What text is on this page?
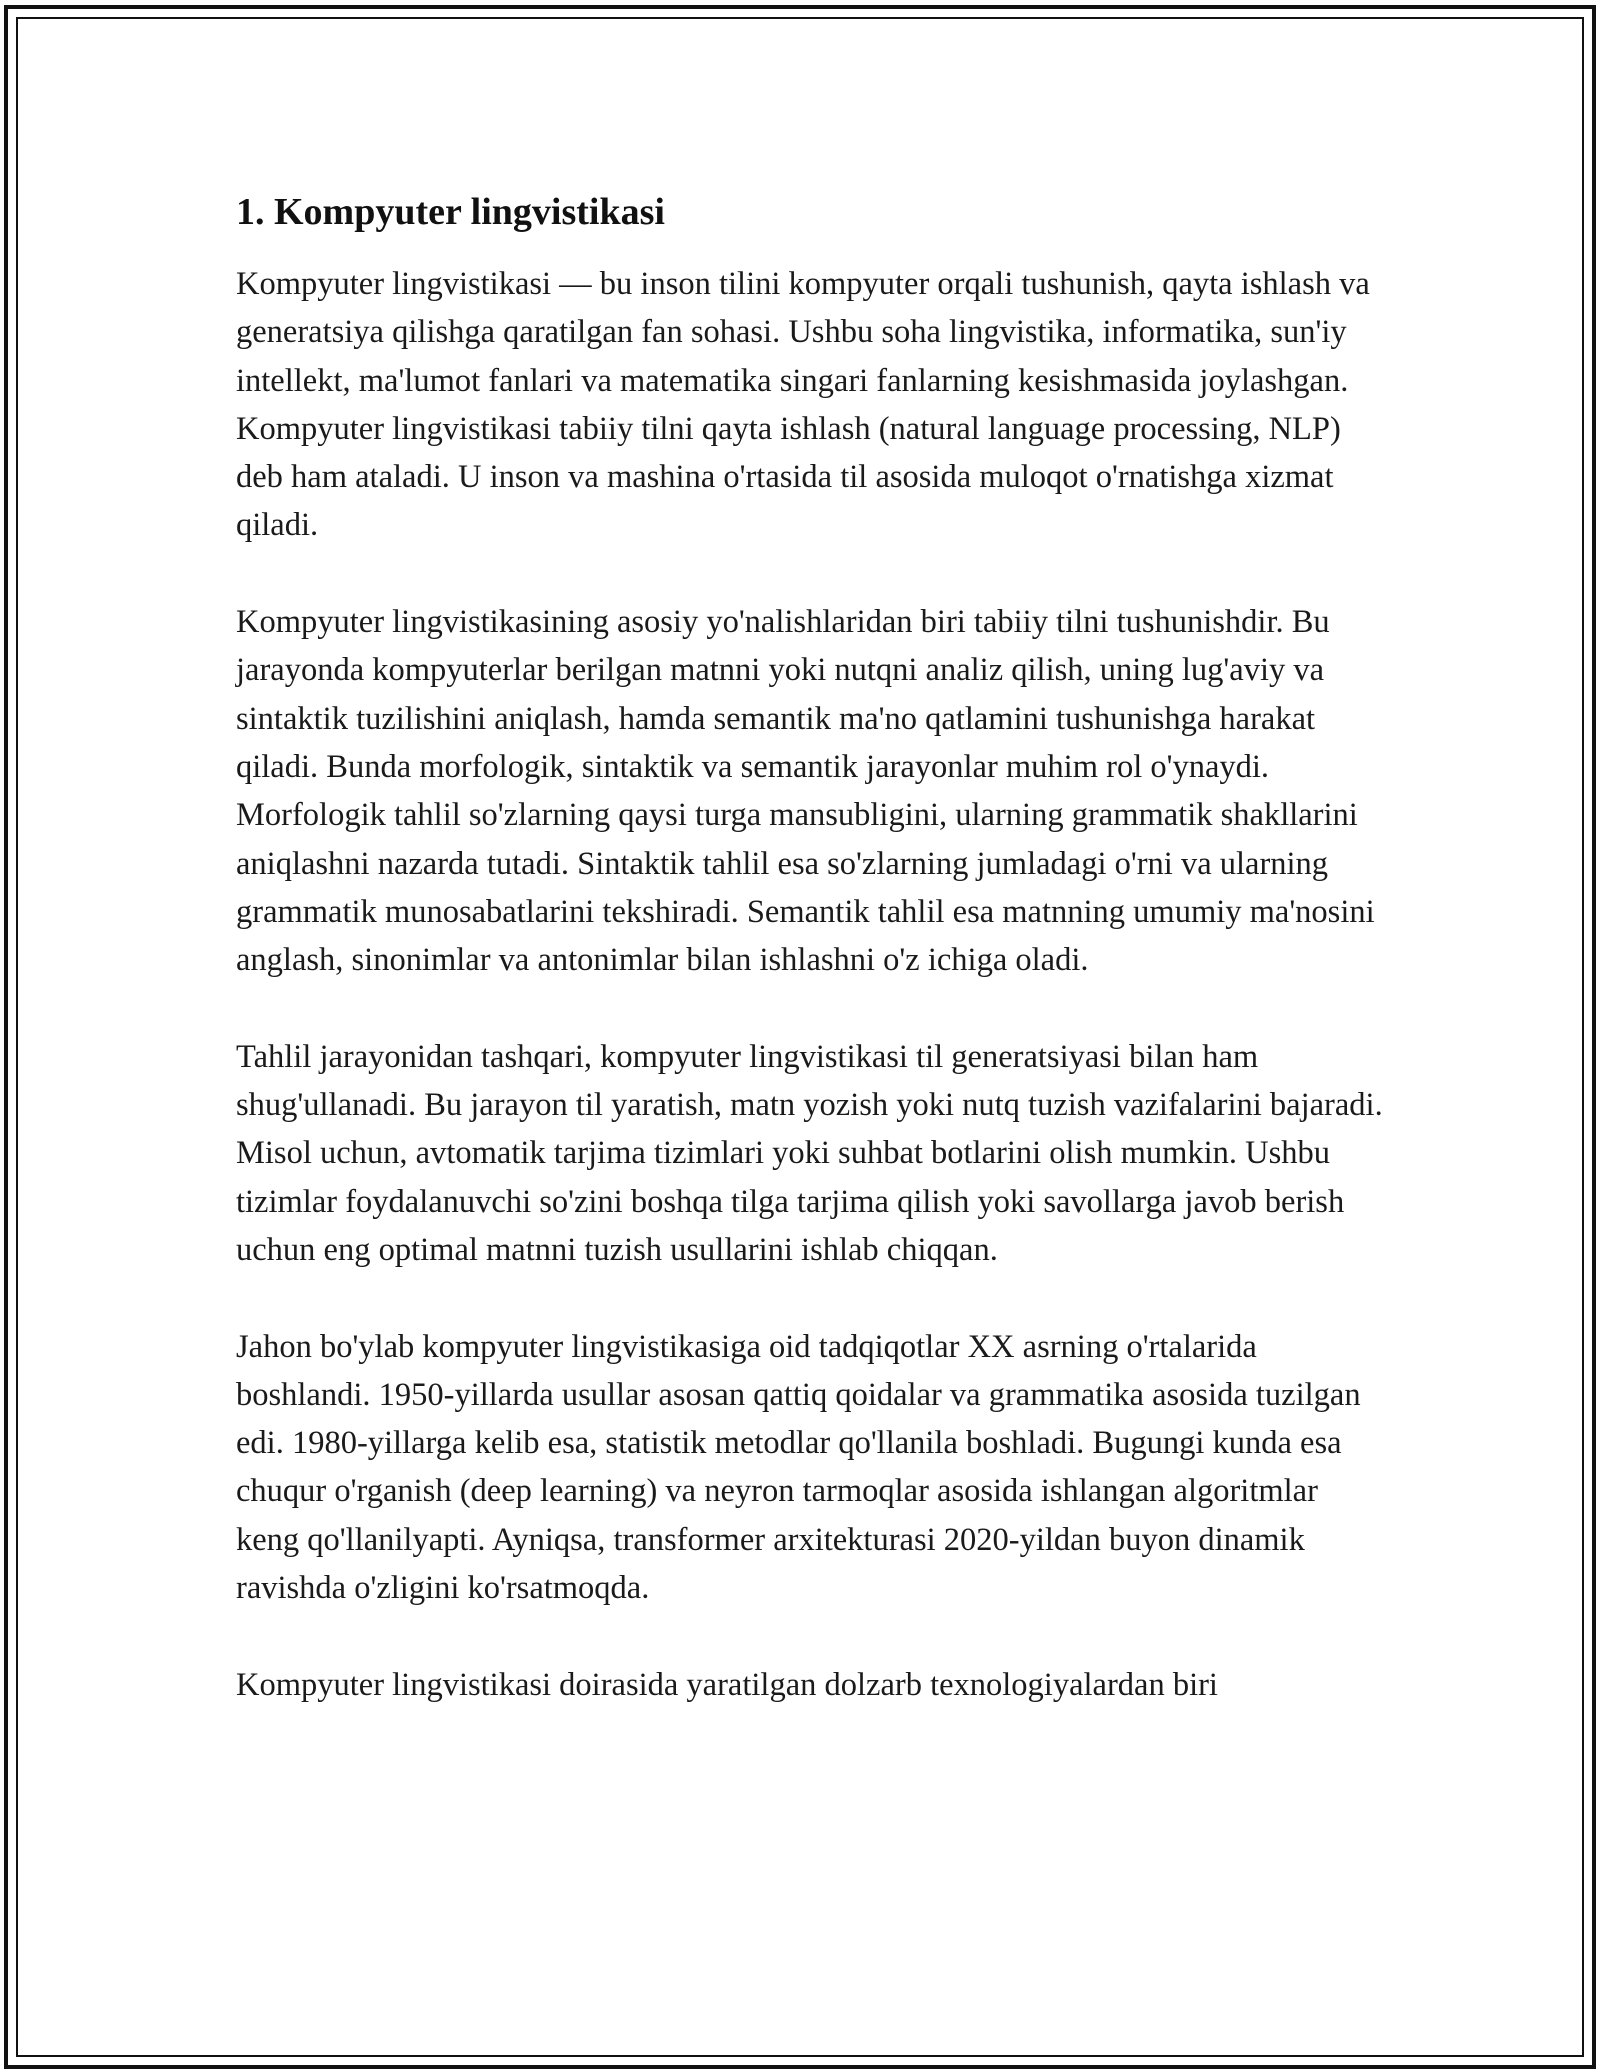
1. Kompyuter lingvistikasi

Kompyuter lingvistikasi — bu inson tilini kompyuter orqali tushunish, qayta ishlash va generatsiya qilishga qaratilgan fan sohasi. Ushbu soha lingvistika, informatika, sun'iy intellekt, ma'lumot fanlari va matematika singari fanlarning kesishmasida joylashgan. Kompyuter lingvistikasi tabiiy tilni qayta ishlash (natural language processing, NLP) deb ham ataladi. U inson va mashina o'rtasida til asosida muloqot o'rnatishga xizmat qiladi.

Kompyuter lingvistikasining asosiy yo'nalishlaridan biri tabiiy tilni tushunishdir. Bu jarayonda kompyuterlar berilgan matnni yoki nutqni analiz qilish, uning lug'aviy va sintaktik tuzilishini aniqlash, hamda semantik ma'no qatlamini tushunishga harakat qiladi. Bunda morfologik, sintaktik va semantik jarayonlar muhim rol o'ynaydi. Morfologik tahlil so'zlarning qaysi turga mansubligini, ularning grammatik shakllarini aniqlashni nazarda tutadi. Sintaktik tahlil esa so'zlarning jumladagi o'rni va ularning grammatik munosabatlarini tekshiradi. Semantik tahlil esa matnning umumiy ma'nosini anglash, sinonimlar va antonimlar bilan ishlashni o'z ichiga oladi.

Tahlil jarayonidan tashqari, kompyuter lingvistikasi til generatsiyasi bilan ham shug'ullanadi. Bu jarayon til yaratish, matn yozish yoki nutq tuzish vazifalarini bajaradi. Misol uchun, avtomatik tarjima tizimlari yoki suhbat botlarini olish mumkin. Ushbu tizimlar foydalanuvchi so'zini boshqa tilga tarjima qilish yoki savollarga javob berish uchun eng optimal matnni tuzish usullarini ishlab chiqqan.

Jahon bo'ylab kompyuter lingvistikasiga oid tadqiqotlar XX asrning o'rtalarida boshlandi. 1950-yillarda usullar asosan qattiq qoidalar va grammatika asosida tuzilgan edi. 1980-yillarga kelib esa, statistik metodlar qo'llanila boshladi. Bugungi kunda esa chuqur o'rganish (deep learning) va neyron tarmoqlar asosida ishlangan algoritmlar keng qo'llanilyapti. Ayniqsa, transformer arxitekturasi 2020-yildan buyon dinamik ravishda o'zligini ko'rsatmoqda.

Kompyuter lingvistikasi doirasida yaratilgan dolzarb texnologiyalardan biri
